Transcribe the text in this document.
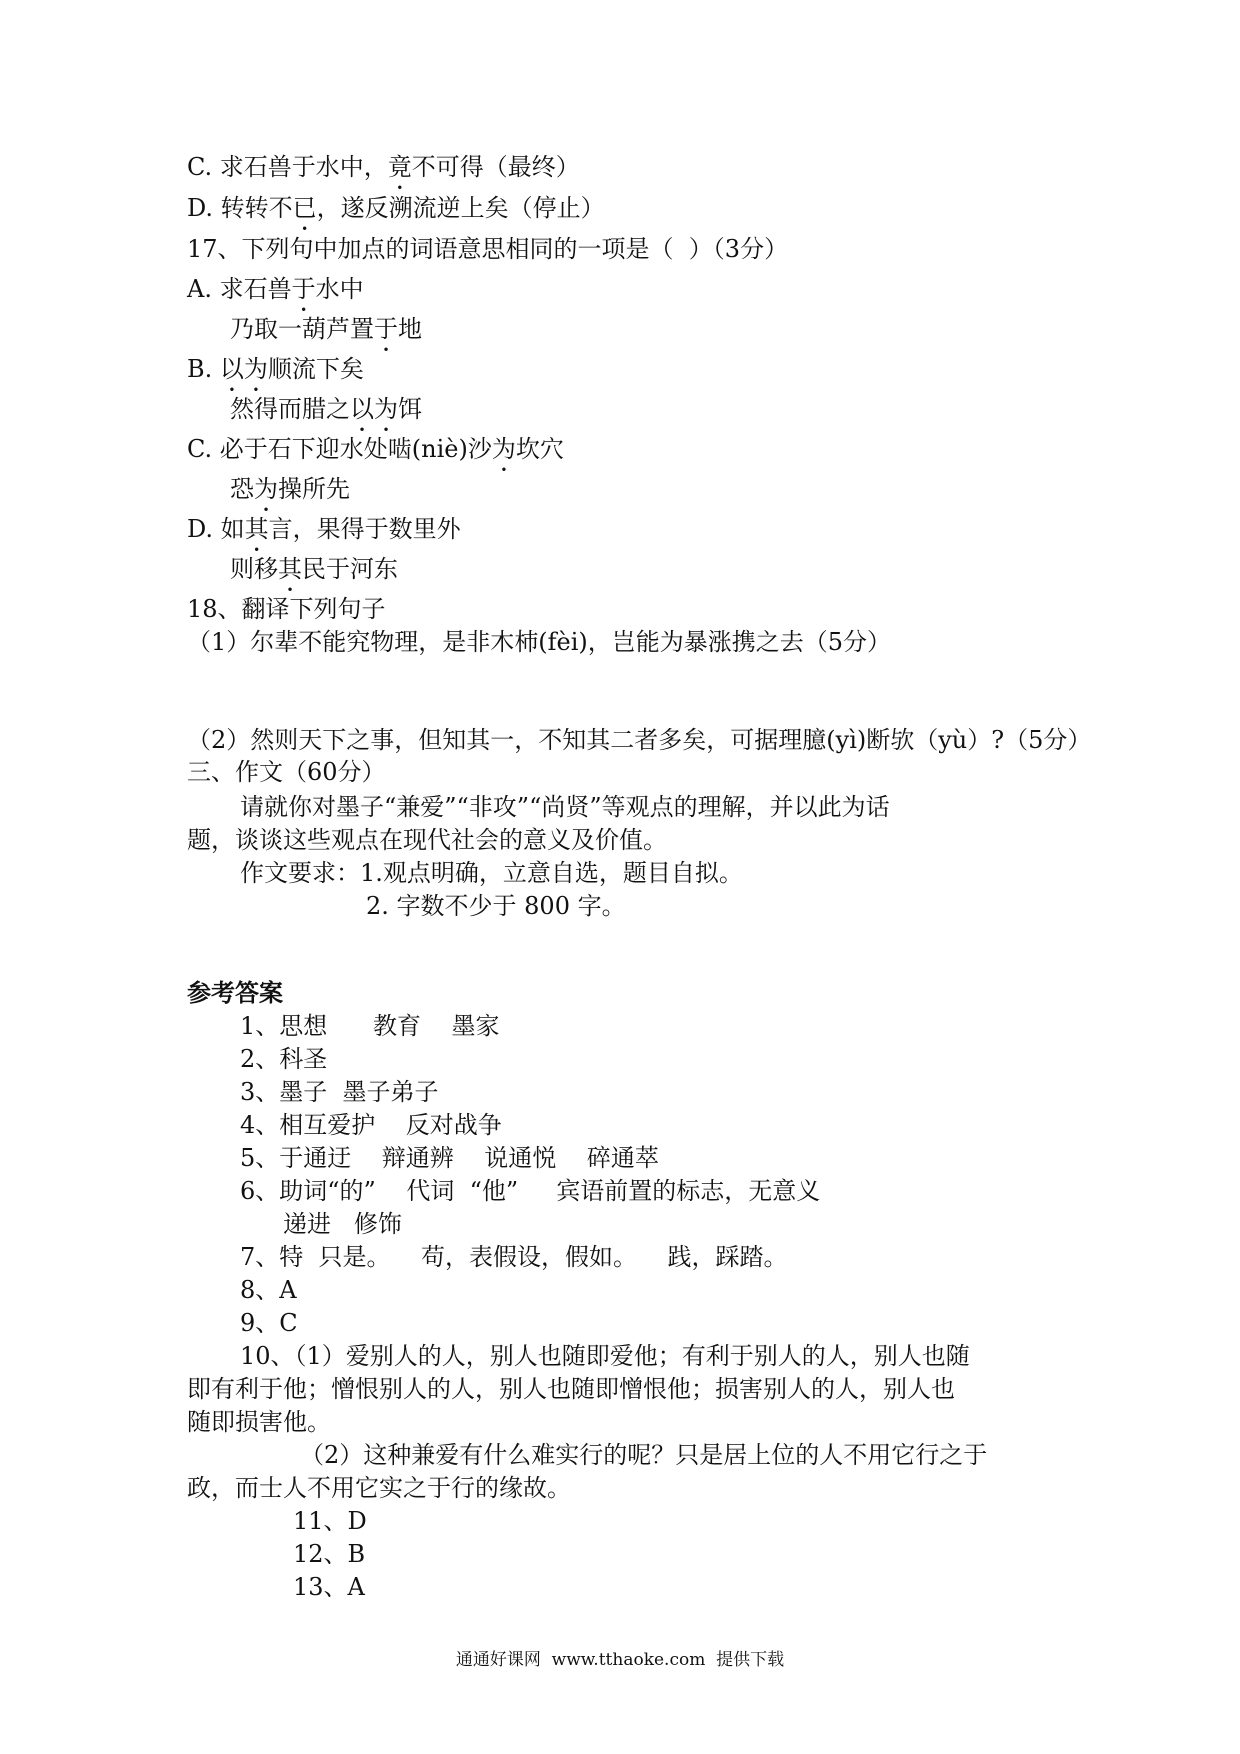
C. 求石兽于水中，竟不可得（最终）
D. 转转不已，遂反溯流逆上矣（停止）
17、下列句中加点的词语意思相同的一项是（  ）（3分）
A. 求石兽于水中
乃取一葫芦置于地
B. 以为顺流下矣
然得而腊之以为饵
C. 必于石下迎水处啮(niè)沙为坎穴
恐为操所先
D. 如其言，果得于数里外
则移其民于河东
18、翻译下列句子
（1）尔辈不能究物理，是非木杮(fèi)，岂能为暴涨携之去（5分）
（2）然则天下之事，但知其一，不知其二者多矣，可据理臆(yì)断欤（yù）?（5分）
三、作文（60分）
请就你对墨子“兼爱”“非攻”“尚贤”等观点的理解，并以此为话
题，谈谈这些观点在现代社会的意义及价值。
作文要求：1.观点明确，立意自选，题目自拟。
2. 字数不少于 800 字。
参考答案
1、思想      教育    墨家
2、科圣
3、墨子  墨子弟子
4、相互爱护    反对战争
5、于通迂    辩通辨    说通悦    碎通萃
6、助词“的”    代词  “他”     宾语前置的标志，无意义
递进   修饰
7、特  只是。    苟，表假设，假如。    践，踩踏。
8、A
9、C
10、（1）爱别人的人，别人也随即爱他；有利于别人的人，别人也随
即有利于他；憎恨别人的人，别人也随即憎恨他；损害别人的人，别人也
随即损害他。
（2）这种兼爱有什么难实行的呢？只是居上位的人不用它行之于
政，而士人不用它实之于行的缘故。
11、D
12、B
13、A
通通好课网  www.tthaoke.com  提供下载
